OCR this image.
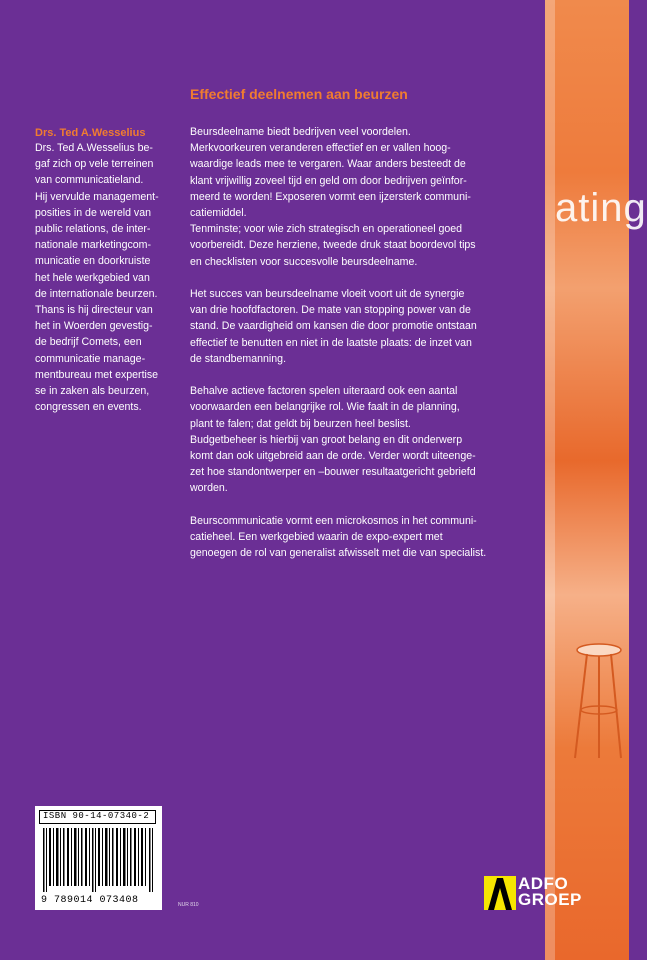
ating
Effectief deelnemen aan beurzen
Drs. Ted A.Wesselius
Drs. Ted A.Wesselius be-
gaf zich op vele terreinen
van communicatieland.
Hij vervulde management-
posities in de wereld van
public relations, de inter-
nationale marketingcom-
municatie en doorkruiste
het hele werkgebied van
de internationale beurzen.
Thans is hij directeur van
het in Woerden gevestig-
de bedrijf Comets, een
communicatie manage-
mentbureau met expertise
se in zaken als beurzen,
congressen en events.

Beursdeelname biedt bedrijven veel voordelen.
Merkvoorkeuren veranderen effectief en er vallen hoog-
waardige leads mee te vergaren. Waar anders besteedt de
klant vrijwillig zoveel tijd en geld om door bedrijven geïnfor-
meerd te worden! Exposeren vormt een ijzersterk communi-
catiemiddel.
Tenminste; voor wie zich strategisch en operationeel goed
voorbereidt. Deze herziene, tweede druk staat boordevol tips
en checklisten voor succesvolle beursdeelname.

Het succes van beursdeelname vloeit voort uit de synergie
van drie hoofdfactoren. De mate van stopping power van de
stand. De vaardigheid om kansen die door promotie ontstaan
effectief te benutten en niet in de laatste plaats: de inzet van
de standbemanning.

Behalve actieve factoren spelen uiteraard ook een aantal
voorwaarden een belangrijke rol. Wie faalt in de planning,
plant te falen; dat geldt bij beurzen heel beslist.
Budgetbeheer is hierbij van groot belang en dit onderwerp
komt dan ook uitgebreid aan de orde. Verder wordt uiteenge-
zet hoe standontwerper en –bouwer resultaatgericht gebriefd
worden.

Beurscommunicatie vormt een microkosmos in het communi-
catieheel. Een werkgebied waarin de expo-expert met
genoegen de rol van generalist afwisselt met die van specialist.

ISBN 90-14-07340-2
9 789014 073408	NUR 810
ADFO
GROEP
